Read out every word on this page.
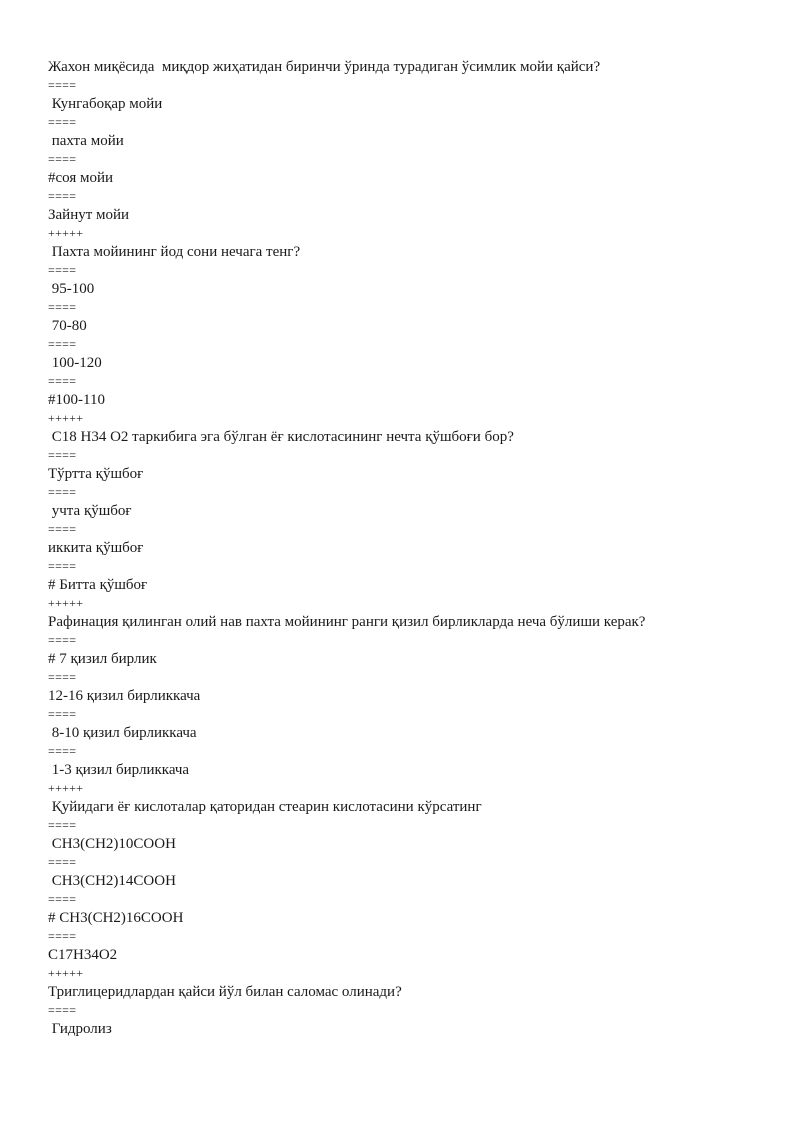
Жахон миқёсида  миқдор жиҳатидан биринчи ўринда турадиган ўсимлик мойи қайси?
====
Кунгабоқар мойи
====
пахта мойи
====
#соя мойи
====
Зайнут мойи
+++++
Пахта мойининг йод сони нечага тенг?
====
95-100
====
70-80
====
100-120
====
#100-110
+++++
C18 H34 O2 таркибига эга бўлган ёғ кислотасининг нечта қўшбоғи бор?
====
Тўртта қўшбоғ
====
учта қўшбоғ
====
иккита қўшбоғ
====
# Битта қўшбоғ
+++++
Рафинация қилинган олий нав пахта мойининг ранги қизил бирликларда неча бўлиши керак?
====
# 7 қизил бирлик
====
12-16 қизил бирликкача
====
8-10 қизил бирликкача
====
1-3 қизил бирликкача
+++++
Қуйидаги ёғ кислоталар қаторидан стеарин кислотасини кўрсатинг
====
CH3(CH2)10COOH
====
CH3(CH2)14COOH
====
# CH3(CH2)16COOH
====
C17H34O2
+++++
Триглицеридлардан қайси йўл билан саломас олинади?
====
Гидролиз
